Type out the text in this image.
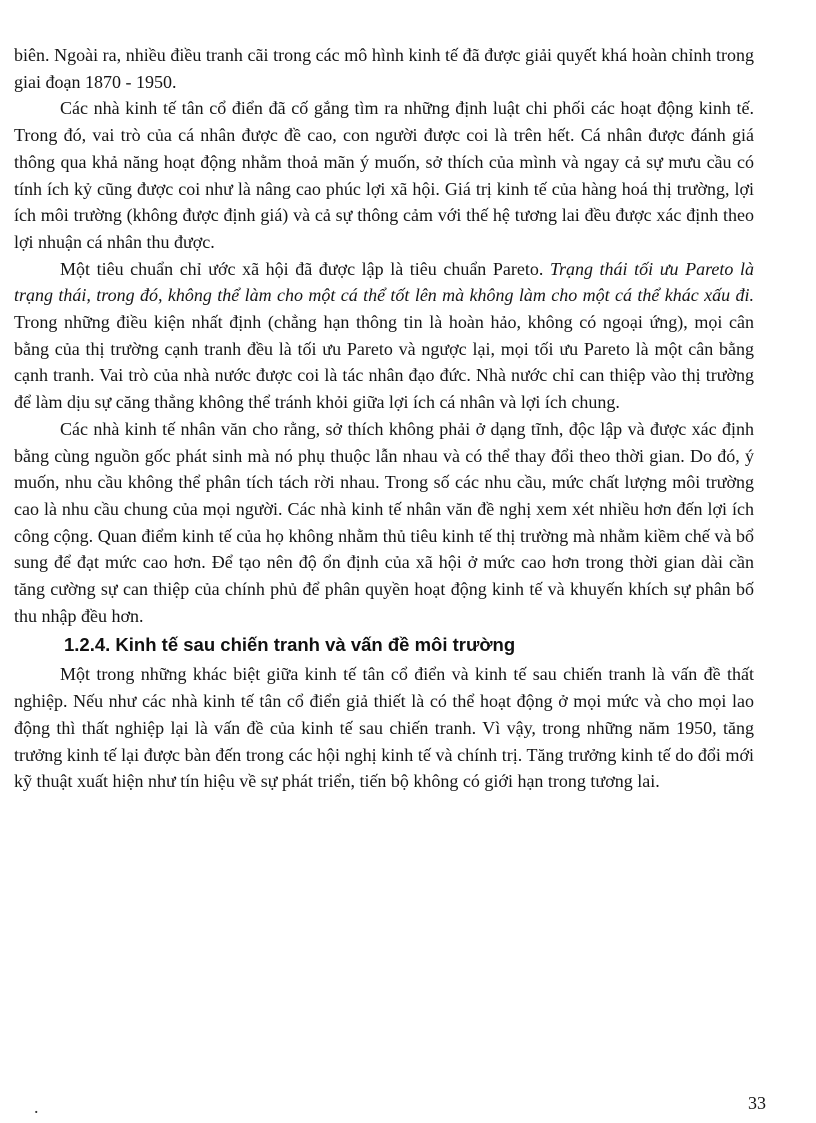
biên. Ngoài ra, nhiều điều tranh cãi trong các mô hình kinh tế đã được giải quyết khá hoàn chỉnh trong giai đoạn 1870 - 1950.

Các nhà kinh tế tân cổ điển đã cố gắng tìm ra những định luật chi phối các hoạt động kinh tế. Trong đó, vai trò của cá nhân được đề cao, con người được coi là trên hết. Cá nhân được đánh giá thông qua khả năng hoạt động nhằm thoả mãn ý muốn, sở thích của mình và ngay cả sự mưu cầu có tính ích kỷ cũng được coi như là nâng cao phúc lợi xã hội. Giá trị kinh tế của hàng hoá thị trường, lợi ích môi trường (không được định giá) và cả sự thông cảm với thế hệ tương lai đều được xác định theo lợi nhuận cá nhân thu được.

Một tiêu chuẩn chỉ ước xã hội đã được lập là tiêu chuẩn Pareto. Trạng thái tối ưu Pareto là trạng thái, trong đó, không thể làm cho một cá thể tốt lên mà không làm cho một cá thể khác xấu đi. Trong những điều kiện nhất định (chẳng hạn thông tin là hoàn hảo, không có ngoại ứng), mọi cân bằng của thị trường cạnh tranh đều là tối ưu Pareto và ngược lại, mọi tối ưu Pareto là một cân bằng cạnh tranh. Vai trò của nhà nước được coi là tác nhân đạo đức. Nhà nước chỉ can thiệp vào thị trường để làm dịu sự căng thẳng không thể tránh khỏi giữa lợi ích cá nhân và lợi ích chung.

Các nhà kinh tế nhân văn cho rằng, sở thích không phải ở dạng tĩnh, độc lập và được xác định bằng cùng nguồn gốc phát sinh mà nó phụ thuộc lẫn nhau và có thể thay đổi theo thời gian. Do đó, ý muốn, nhu cầu không thể phân tích tách rời nhau. Trong số các nhu cầu, mức chất lượng môi trường cao là nhu cầu chung của mọi người. Các nhà kinh tế nhân văn đề nghị xem xét nhiều hơn đến lợi ích công cộng. Quan điểm kinh tế của họ không nhằm thủ tiêu kinh tế thị trường mà nhằm kiềm chế và bổ sung để đạt mức cao hơn. Để tạo nên độ ổn định của xã hội ở mức cao hơn trong thời gian dài cần tăng cường sự can thiệp của chính phủ để phân quyền hoạt động kinh tế và khuyến khích sự phân bố thu nhập đều hơn.

1.2.4. Kinh tế sau chiến tranh và vấn đề môi trường

Một trong những khác biệt giữa kinh tế tân cổ điển và kinh tế sau chiến tranh là vấn đề thất nghiệp. Nếu như các nhà kinh tế tân cổ điển giả thiết là có thể hoạt động ở mọi mức và cho mọi lao động thì thất nghiệp lại là vấn đề của kinh tế sau chiến tranh. Vì vậy, trong những năm 1950, tăng trưởng kinh tế lại được bàn đến trong các hội nghị kinh tế và chính trị. Tăng trưởng kinh tế do đổi mới kỹ thuật xuất hiện như tín hiệu về sự phát triển, tiến bộ không có giới hạn trong tương lai.

.	33
